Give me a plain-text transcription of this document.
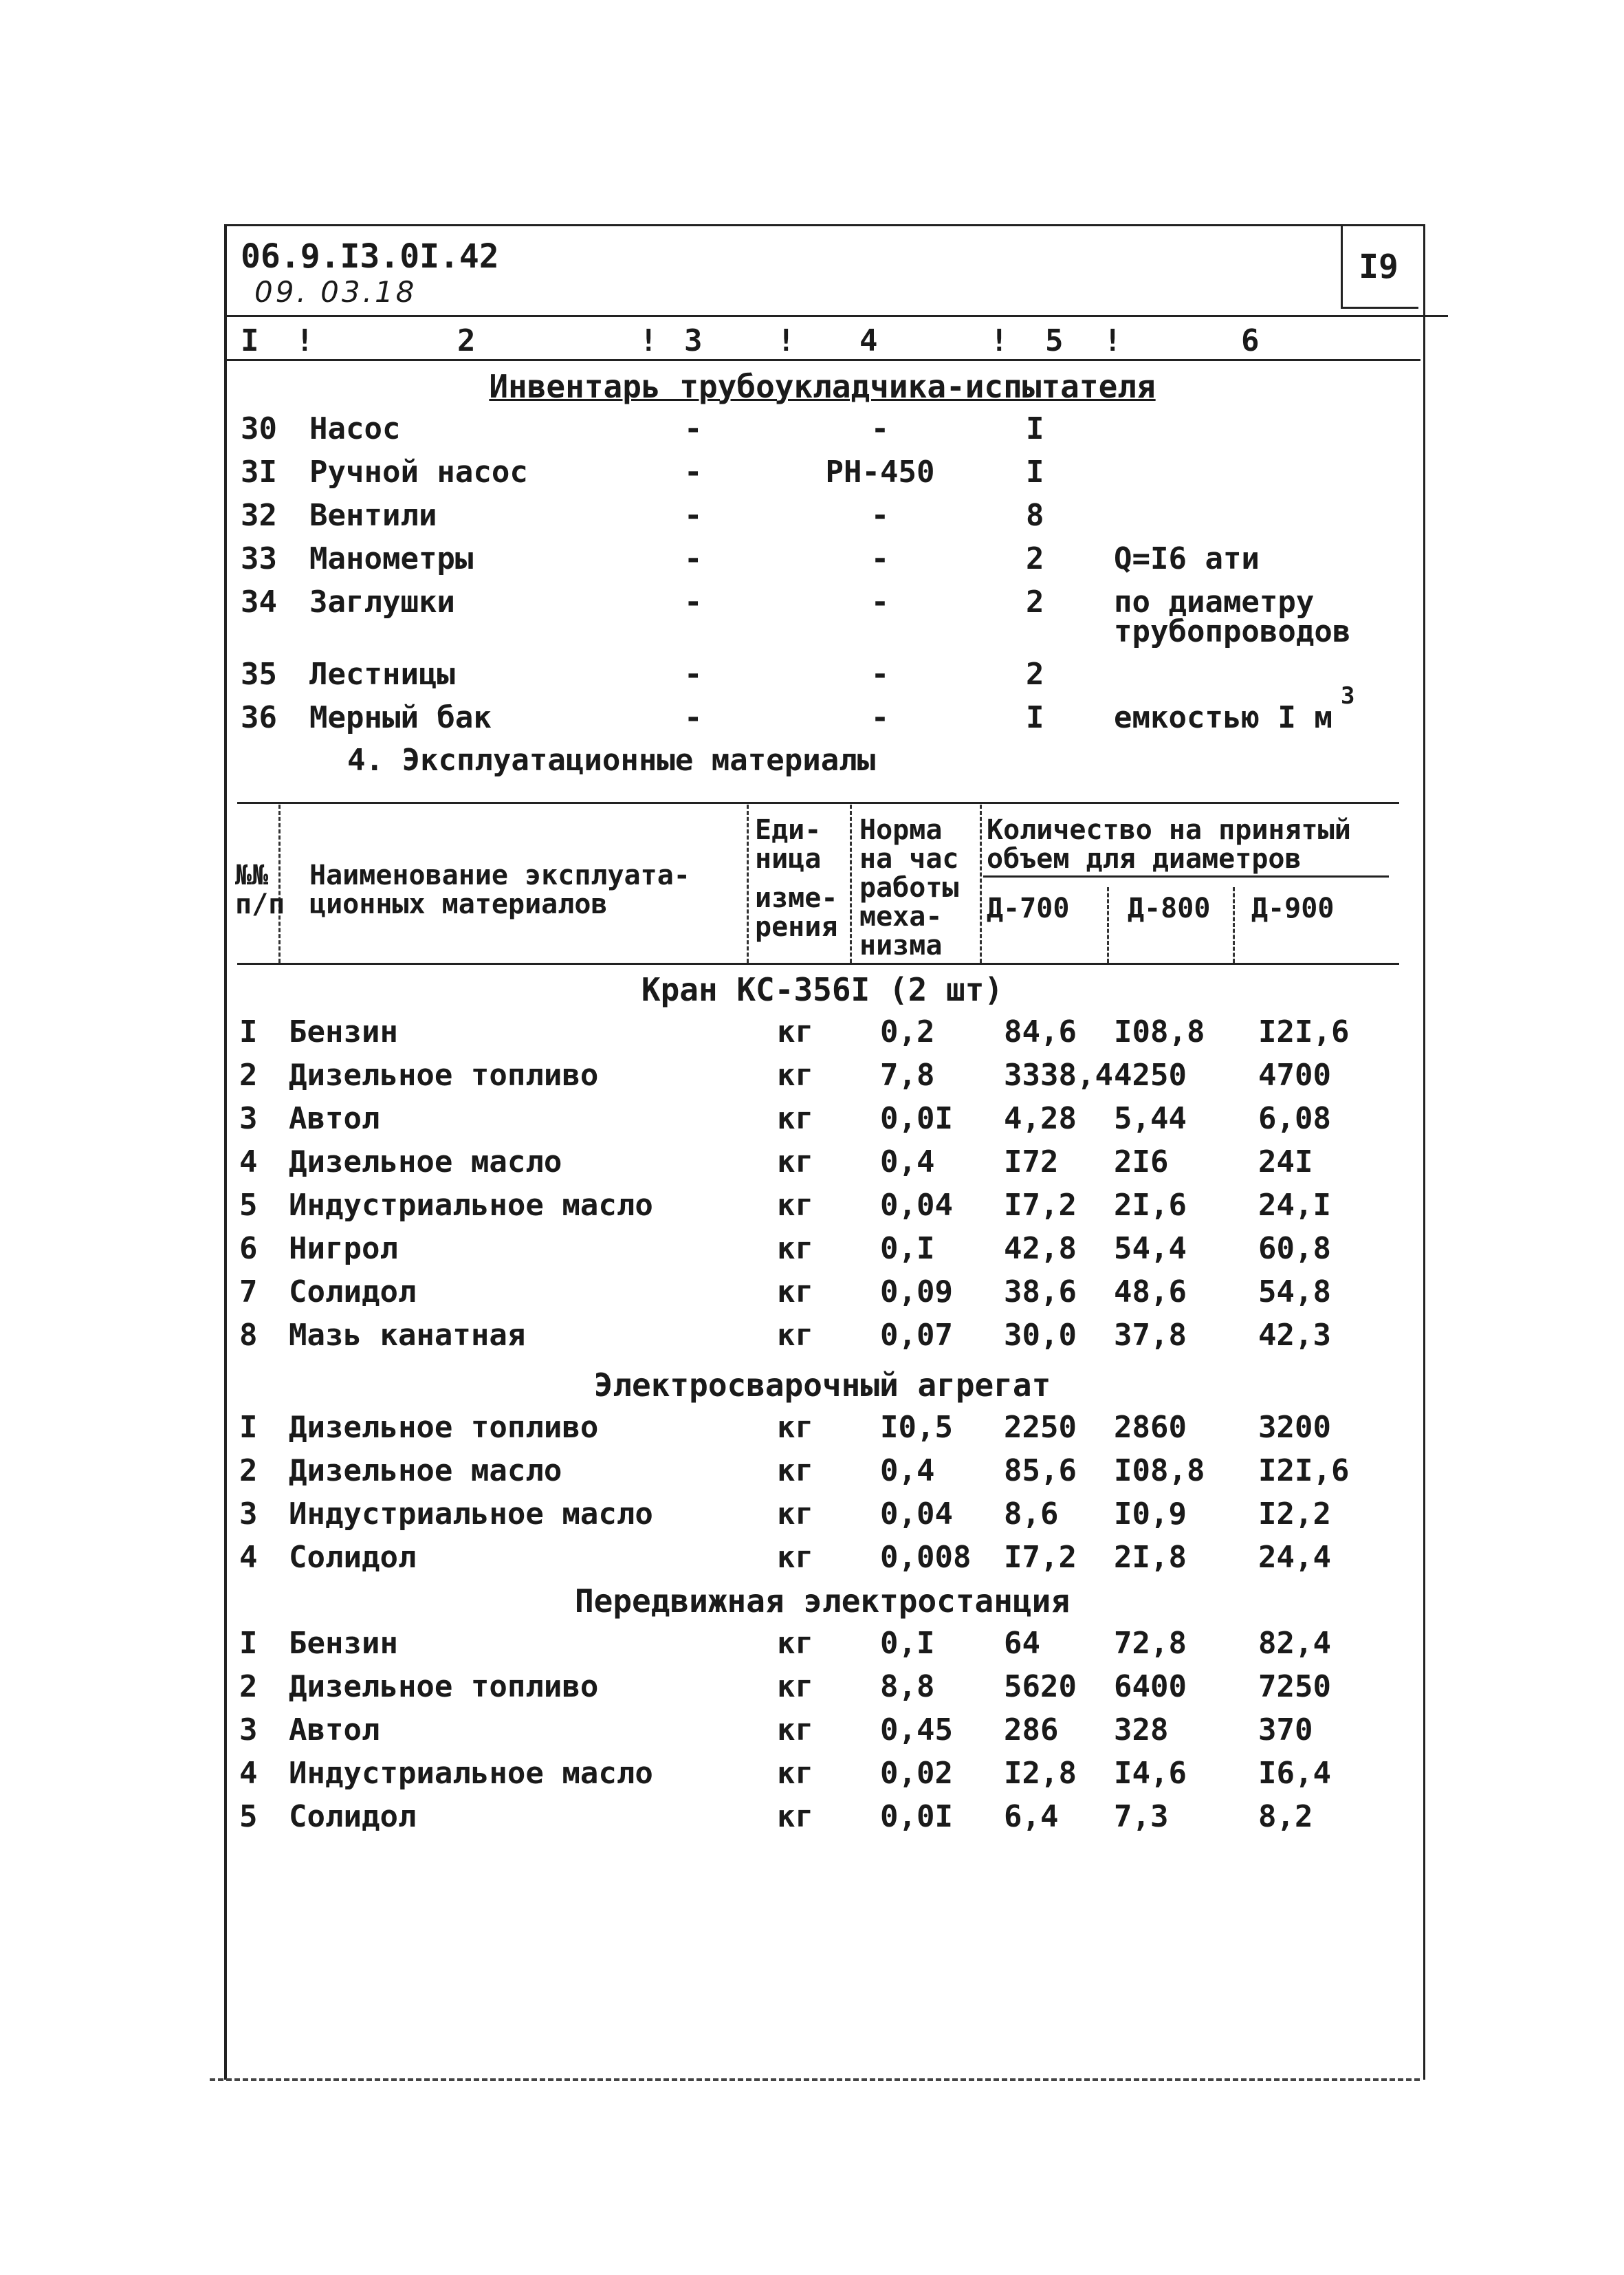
I9
06.9.I3.0I.42
09. 03.18
I	2	3	4	5	6
!	!	!	!	!
Инвентарь трубоукладчика-испытателя
30 Насос	-	-	I
3I Ручной насос	-	РН-450	I
32 Вентили	-	-	8
33 Манометры	-	-	2 Q=I6 ати
34 Заглушки	-	-	2 по диаметру
трубопроводов
35 Лестницы	-	-	2
36 Мерный бак	-	-	I емкостью I м
3
4. Эксплуатационные материалы
№№
п/п
Наименование эксплуата-
ционных материалов
Еди-
ница
изме-
рения
Норма
на час
работы
меха-
низма
Количество на принятый
объем для диаметров
Д-700 Д-800 Д-900
Кран КС-356I (2 шт)
I Бензин	кг 0,2 84,6 I08,8 I2I,6
2 Дизельное топливо	кг 7,8 3338,4 4250 4700
3 Автол	кг 0,0I 4,28 5,44 6,08
4 Дизельное масло	кг 0,4 I72 2I6	24I
5 Индустриальное масло	кг 0,04 I7,2 2I,6 24,I
6 Нигрол	кг 0,I 42,8 54,4 60,8
7 Солидол	кг 0,09 38,6 48,6 54,8
8 Мазь канатная	кг 0,07 30,0 37,8 42,3
Электросварочный агрегат
I Дизельное топливо	кг I0,5 2250 2860 3200
2 Дизельное масло	кг 0,4 85,6 I08,8 I2I,6
3 Индустриальное масло	кг 0,04 8,6 I0,9 I2,2
4 Солидол	кг 0,008 I7,2 2I,8 24,4
Передвижная электростанция
I Бензин	кг 0,I 64 72,8 82,4
2 Дизельное топливо	кг 8,8 5620 6400 7250
3 Автол	кг 0,45 286 328	370
4 Индустриальное масло	кг 0,02 I2,8 I4,6 I6,4
5 Солидол	кг 0,0I 6,4 7,3	8,2
